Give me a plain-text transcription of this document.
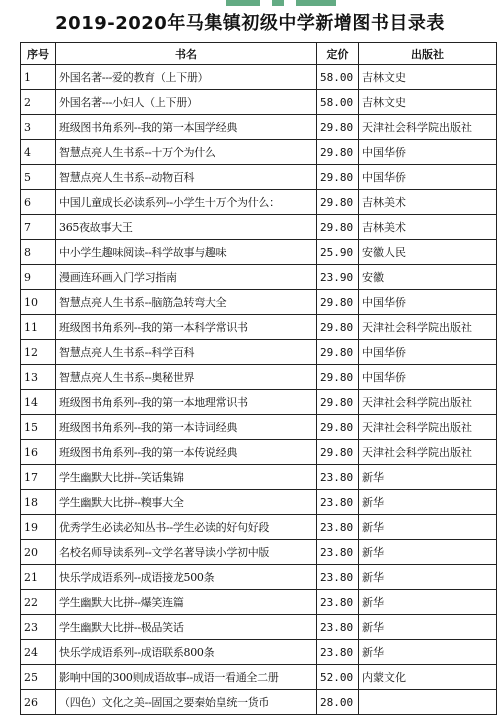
2019-2020年马集镇初级中学新增图书目录表
序号	书名	定价	出版社
1	外国名著---爱的教育（上下册）	58.00	吉林文史
2	外国名著---小妇人（上下册）	58.00	吉林文史
3	班级图书角系列--我的第一本国学经典	29.80	天津社会科学院出版社
4	智慧点亮人生书系--十万个为什么	29.80	中国华侨
5	智慧点亮人生书系--动物百科	29.80	中国华侨
6	中国儿童成长必读系列--小学生十万个为什么：	29.80	吉林美术
7	365夜故事大王	29.80	吉林美术
8	中小学生趣味阅读--科学故事与趣味	25.90	安徽人民
9	漫画连环画入门学习指南	23.90	安徽
10	智慧点亮人生书系--脑筋急转弯大全	29.80	中国华侨
11	班级图书角系列--我的第一本科学常识书	29.80	天津社会科学院出版社
12	智慧点亮人生书系--科学百科	29.80	中国华侨
13	智慧点亮人生书系--奥秘世界	29.80	中国华侨
14	班级图书角系列--我的第一本地理常识书	29.80	天津社会科学院出版社
15	班级图书角系列--我的第一本诗词经典	29.80	天津社会科学院出版社
16	班级图书角系列--我的第一本传说经典	29.80	天津社会科学院出版社
17	学生幽默大比拼--笑话集锦	23.80	新华
18	学生幽默大比拼--糗事大全	23.80	新华
19	优秀学生必读必知丛书--学生必读的好句好段	23.80	新华
20	名校名师导读系列--文学名著导读小学初中版	23.80	新华
21	快乐学成语系列--成语接龙500条	23.80	新华
22	学生幽默大比拼--爆笑连篇	23.80	新华
23	学生幽默大比拼--极品笑话	23.80	新华
24	快乐学成语系列--成语联系800条	23.80	新华
25	影响中国的300则成语故事--成语一看通全二册	52.00	内蒙文化
26	（四色）文化之美--固国之要秦始皇统一货币	28.00	
